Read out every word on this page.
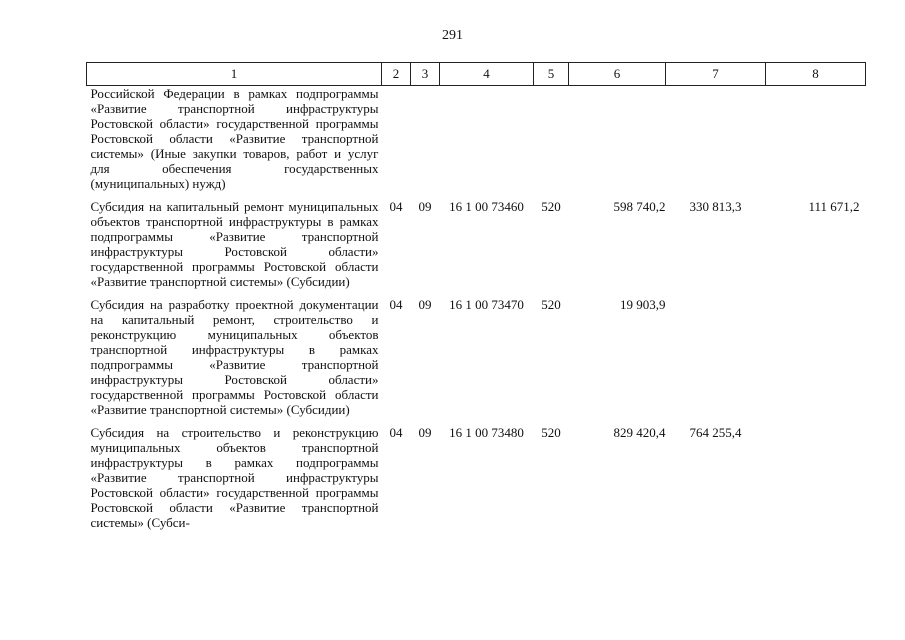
291
1	2	3	4	5	6	7	8
Российской Федерации в рамках подпрограммы «Развитие транспортной инфраструктуры Ростовской области» государственной программы Ростовской области «Развитие транспортной системы» (Иные закупки товаров, работ и услуг для обеспечения государственных (муниципальных) нужд)							
Субсидия на капитальный ремонт муниципальных объектов транспортной инфраструктуры в рамках подпрограммы «Развитие транспортной инфраструктуры Ростовской области» государственной программы Ростовской области «Развитие транспортной системы» (Субсидии)	04	09	16 1 00 73460	520	598 740,2	330 813,3	111 671,2
Субсидия на разработку проектной документации на капитальный ремонт, строительство и реконструкцию муниципальных объектов транспортной инфраструктуры в рамках подпрограммы «Развитие транспортной инфраструктуры Ростовской области» государственной программы Ростовской области «Развитие транспортной системы» (Субсидии)	04	09	16 1 00 73470	520	19 903,9		
Субсидия на строительство и реконструкцию муниципальных объектов транспортной инфраструктуры в рамках подпрограммы «Развитие транспортной инфраструктуры Ростовской области» государственной программы Ростовской области «Развитие транспортной системы» (Субси-	04	09	16 1 00 73480	520	829 420,4	764 255,4	
